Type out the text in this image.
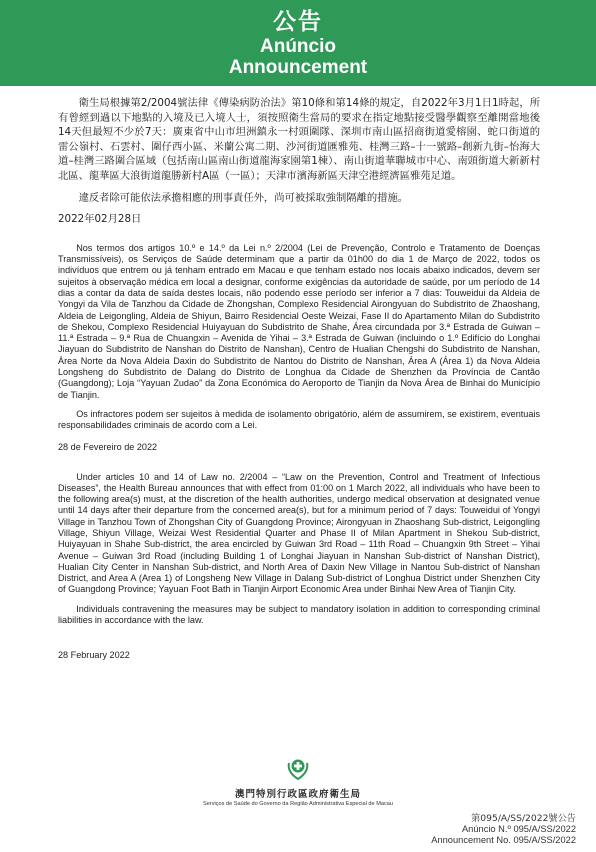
公告
Anúncio
Announcement

衛生局根據第2/2004號法律《傳染病防治法》第10條和第14條的規定，自2022年3月1日1時起，所有曾經到過以下地點的入境及已入境人士，須按照衛生當局的要求在指定地點接受醫學觀察至離開當地後14天但最短不少於7天：廣東省中山市坦洲鎮永一村頭圍隊、深圳市南山區招商街道愛榕園、蛇口街道的雷公嶺村、石雲村、圍仔西小區、米蘭公寓二期、沙河街道匯雅苑、桂灣三路–十一號路–創新九街–怡海大道–桂灣三路圍合區域（包括南山區南山街道龍海家園第1棟）、南山街道華聯城市中心、南頭街道大新新村北區、龍華區大浪街道龍勝新村A區（一區）；天津市濱海新區天津空港經濟區雅苑足道。

違反者除可能依法承擔相應的刑事責任外，尚可被採取強制隔離的措施。

2022年02月28日

Nos termos dos artigos 10.º e 14.º da Lei n.º 2/2004 (Lei de Prevenção, Controlo e Tratamento de Doenças Transmissíveis), os Serviços de Saúde determinam que a partir da 01h00 do dia 1 de Março de 2022, todos os indivíduos que entrem ou já tenham entrado em Macau e que tenham estado nos locais abaixo indicados, devem ser sujeitos à observação médica em local a designar, conforme exigências da autoridade de saúde, por um período de 14 dias a contar da data de saída destes locais, não podendo esse período ser inferior a 7 dias: Touweidui da Aldeia de Yongyi da Vila de Tanzhou da Cidade de Zhongshan, Complexo Residencial Airongyuan do Subdistrito de Zhaoshang, Aldeia de Leigongling, Aldeia de Shiyun, Bairro Residencial Oeste Weizai, Fase II do Apartamento Milan do Subdistrito de Shekou, Complexo Residencial Huiyayuan do Subdistrito de Shahe, Área circundada por 3.ª Estrada de Guiwan – 11.ª Estrada – 9.ª Rua de Chuangxin – Avenida de Yihai – 3.ª Estrada de Guiwan (incluindo o 1.º Edifício do Longhai Jiayuan do Subdistrito de Nanshan do Distrito de Nanshan), Centro de Hualian Chengshi do Subdistrito de Nanshan, Área Norte da Nova Aldeia Daxin do Subdistrito de Nantou do Distrito de Nanshan, Área A (Área 1) da Nova Aldeia Longsheng do Subdistrito de Dalang do Distrito de Longhua da Cidade de Shenzhen da Província de Cantão (Guangdong); Loja “Yayuan Zudao” da Zona Económica do Aeroporto de Tianjin da Nova Área de Binhai do Município de Tianjin.

Os infractores podem ser sujeitos à medida de isolamento obrigatório, além de assumirem, se existirem, eventuais responsabilidades criminais de acordo com a Lei.

28 de Fevereiro de 2022

Under articles 10 and 14 of Law no. 2/2004 – “Law on the Prevention, Control and Treatment of Infectious Diseases”, the Health Bureau announces that with effect from 01:00 on 1 March 2022, all individuals who have been to the following area(s) must, at the discretion of the health authorities, undergo medical observation at designated venue until 14 days after their departure from the concerned area(s), but for a minimum period of 7 days: Touweidui of Yongyi Village in Tanzhou Town of Zhongshan City of Guangdong Province; Airongyuan in Zhaoshang Sub-district, Leigongling Village, Shiyun Village, Weizai West Residential Quarter and Phase II of Milan Apartment in Shekou Sub-district, Huiyayuan in Shahe Sub-district, the area encircled by Guiwan 3rd Road – 11th Road – Chuangxin 9th Street – Yihai Avenue – Guiwan 3rd Road (including Building 1 of Longhai Jiayuan in Nanshan Sub-district of Nanshan District), Hualian City Center in Nanshan Sub-district, and North Area of Daxin New Village in Nantou Sub-district of Nanshan District, and Area A (Area 1) of Longsheng New Village in Dalang Sub-district of Longhua District under Shenzhen City of Guangdong Province; Yayuan Foot Bath in Tianjin Airport Economic Area under Binhai New Area of Tianjin City.

Individuals contravening the measures may be subject to mandatory isolation in addition to corresponding criminal liabilities in accordance with the law.

28 February 2022

澳門特別行政區政府衛生局
Serviços de Saúde do Governo da Região Administrativa Especial de Macau
第095/A/SS/2022號公告
Anúncio N.º 095/A/SS/2022
Announcement No. 095/A/SS/2022
